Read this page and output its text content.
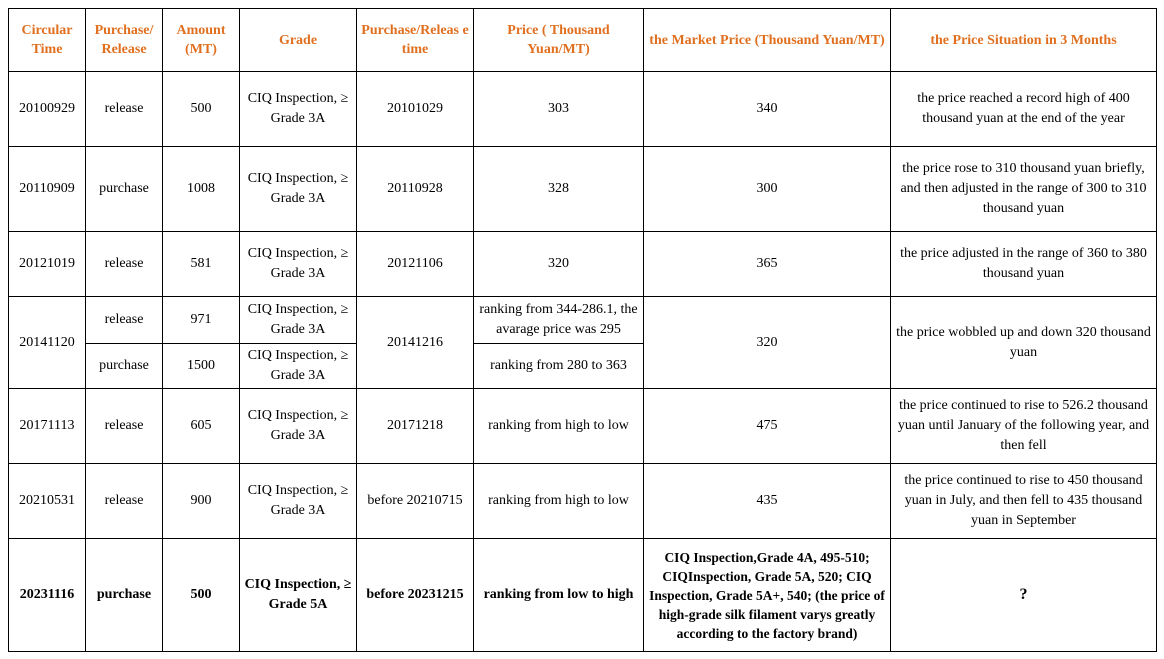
Circular Time	Purchase/ Release	Amount (MT)	Grade	Purchase/Releas e time	Price ( Thousand Yuan/MT)	the Market Price (Thousand Yuan/MT)	the Price Situation in 3 Months
20100929	release	500	CIQ Inspection, ≥ Grade 3A	20101029	303	340	the price reached a record high of 400 thousand yuan at the end of the year
20110909	purchase	1008	CIQ Inspection, ≥ Grade 3A	20110928	328	300	the price rose to 310 thousand yuan briefly, and then adjusted in the range of 300 to 310 thousand yuan
20121019	release	581	CIQ Inspection, ≥ Grade 3A	20121106	320	365	the price adjusted in the range of 360 to 380 thousand yuan
20141120	release	971	CIQ Inspection, ≥ Grade 3A	20141216	ranking from 344-286.1, the avarage price was 295	320	the price wobbled up and down 320 thousand yuan
	purchase	1500	CIQ Inspection, ≥ Grade 3A		ranking from 280 to 363		
20171113	release	605	CIQ Inspection, ≥ Grade 3A	20171218	ranking from high to low	475	the price continued to rise to 526.2 thousand yuan until January of the following year, and then fell
20210531	release	900	CIQ Inspection, ≥ Grade 3A	before 20210715	ranking from high to low	435	the price continued to rise to 450 thousand yuan in July, and then fell to 435 thousand yuan in September
20231116	purchase	500	CIQ Inspection, ≥ Grade 5A	before 20231215	ranking from low to high	CIQ Inspection,Grade 4A, 495-510; CIQInspection, Grade 5A, 520; CIQ Inspection, Grade 5A+, 540; (the price of high-grade silk filament varys greatly according to the factory brand)	?
